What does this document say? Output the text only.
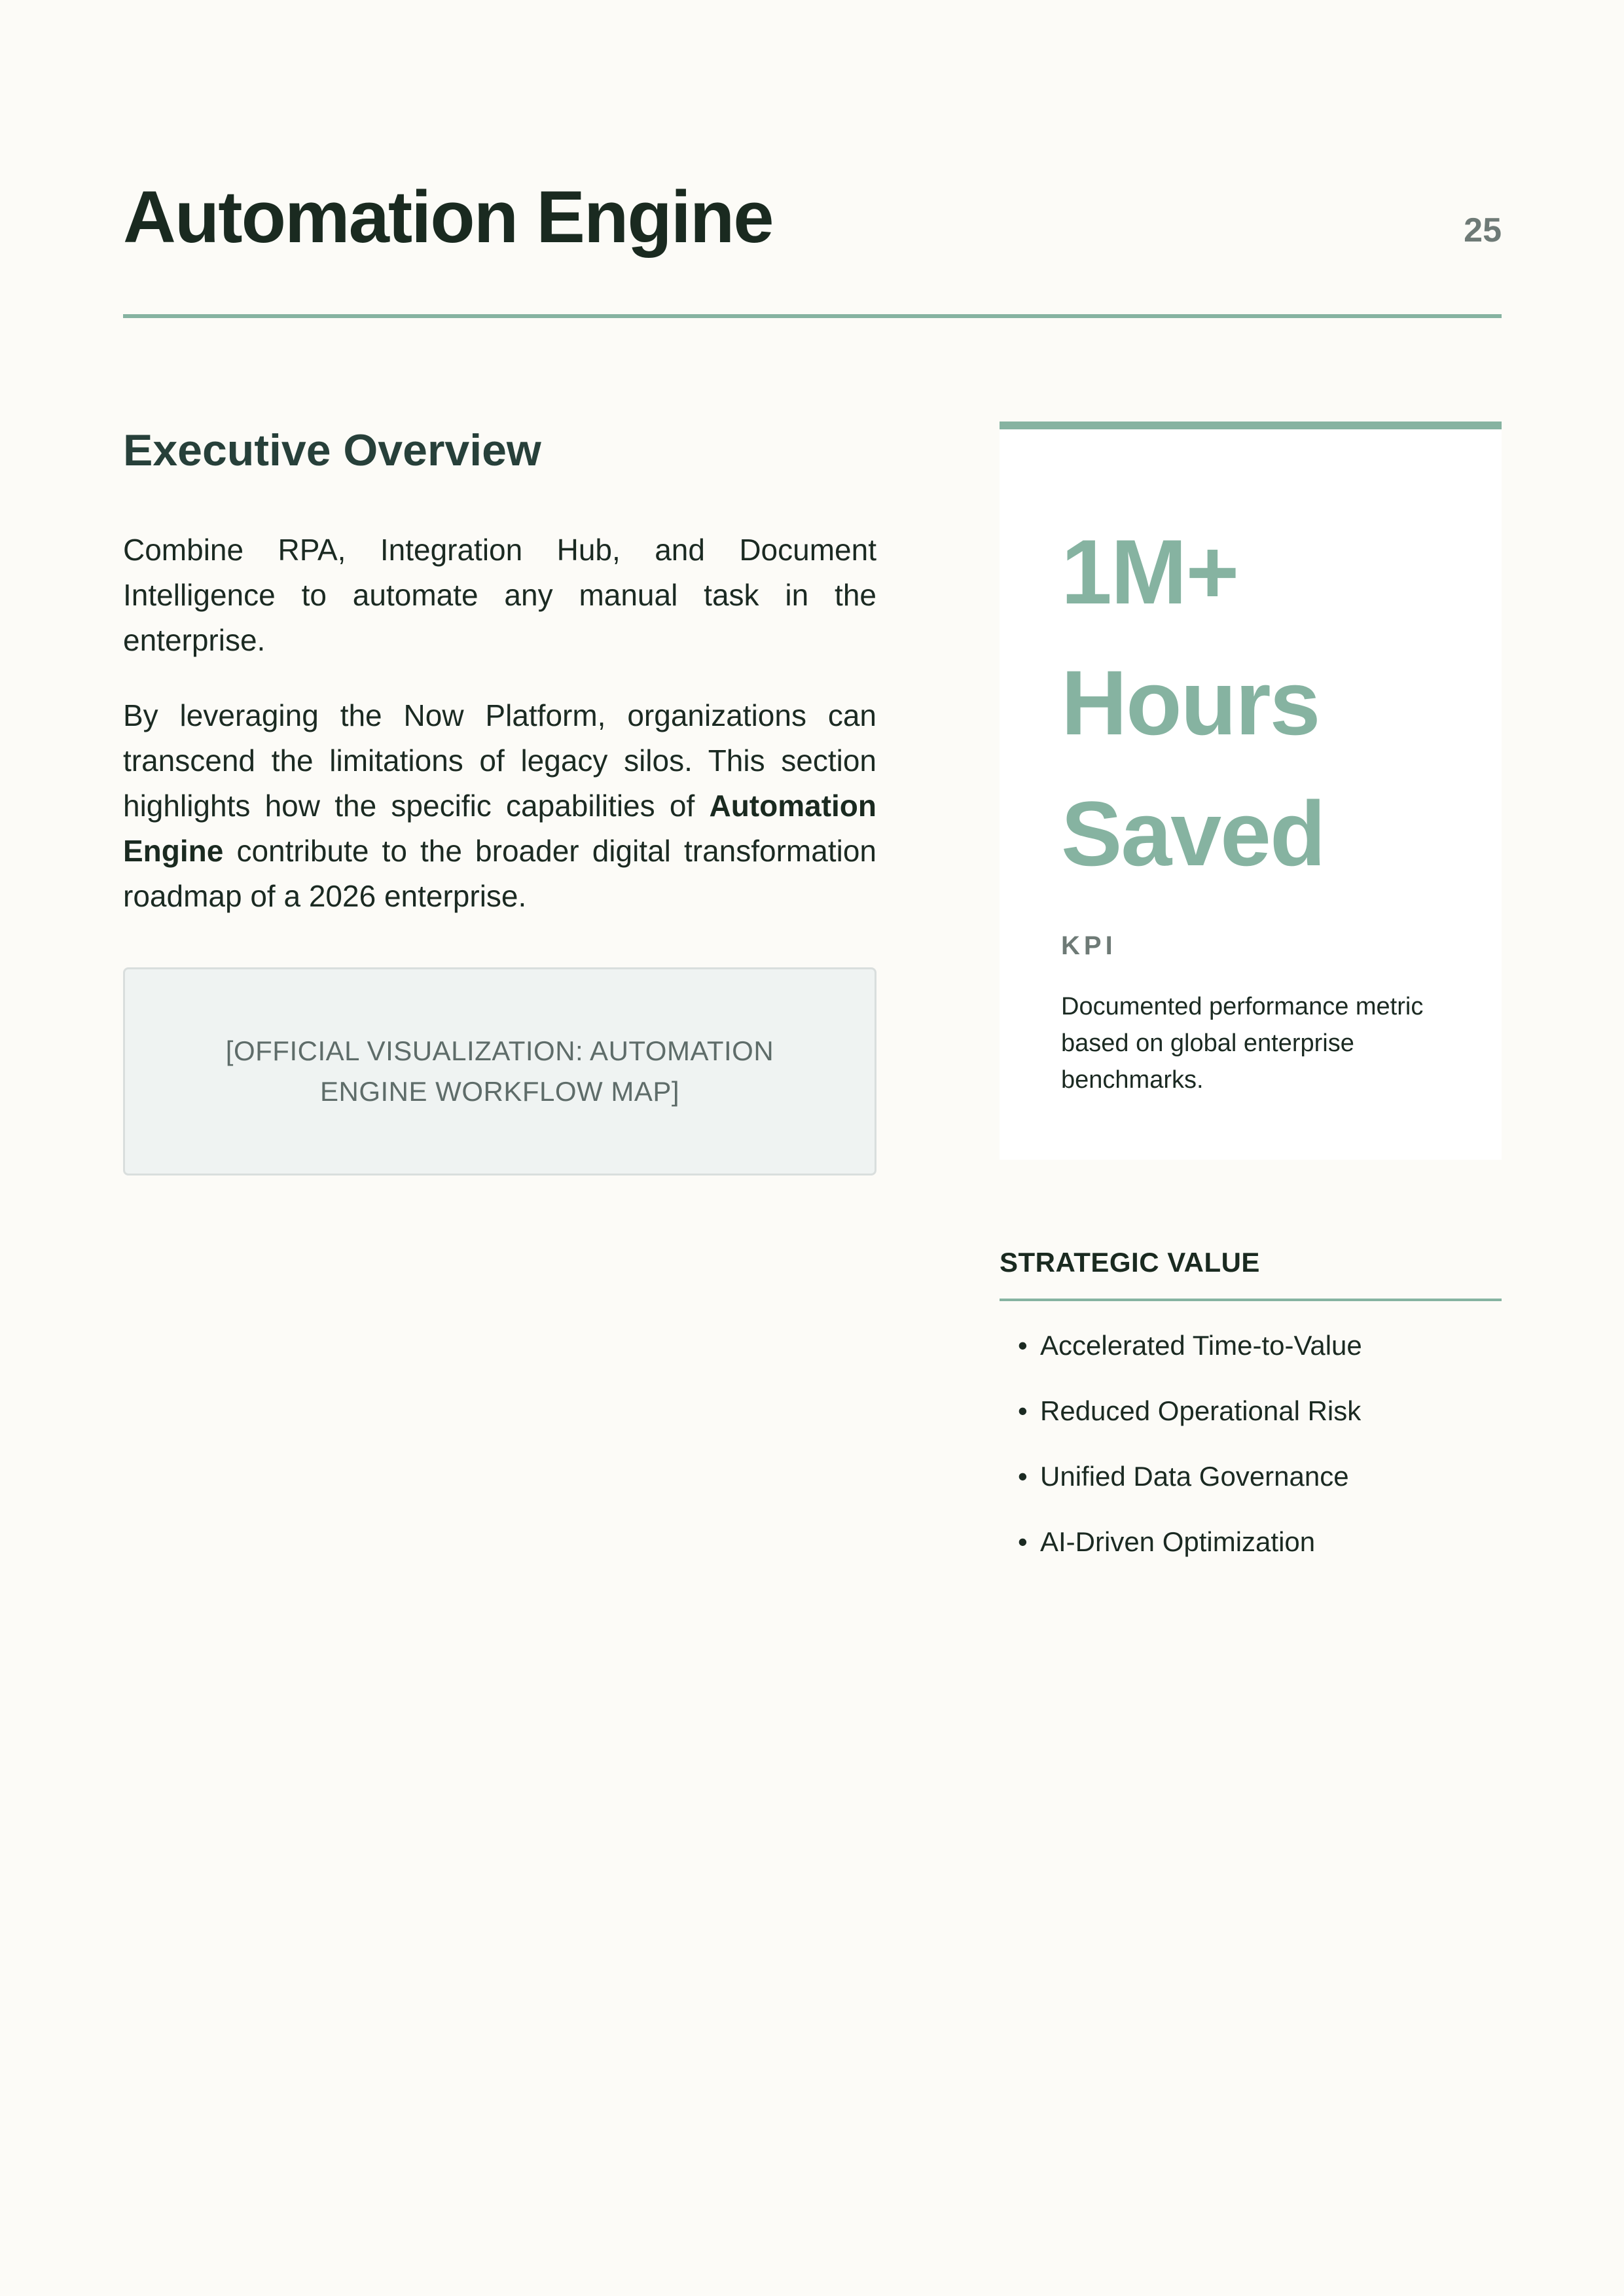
Automation Engine	25
Executive Overview

Combine RPA, Integration Hub, and Document Intelligence to automate any manual task in the enterprise.

By leveraging the Now Platform, organizations can transcend the limitations of legacy silos. This section highlights how the specific capabilities of Automation Engine contribute to the broader digital transformation roadmap of a 2026 enterprise.

[OFFICIAL VISUALIZATION: AUTOMATION ENGINE WORKFLOW MAP]
1M+
Hours
Saved
KPI
Documented performance metric based on global enterprise benchmarks.
STRATEGIC VALUE
• Accelerated Time-to-Value
• Reduced Operational Risk
• Unified Data Governance
• AI-Driven Optimization
